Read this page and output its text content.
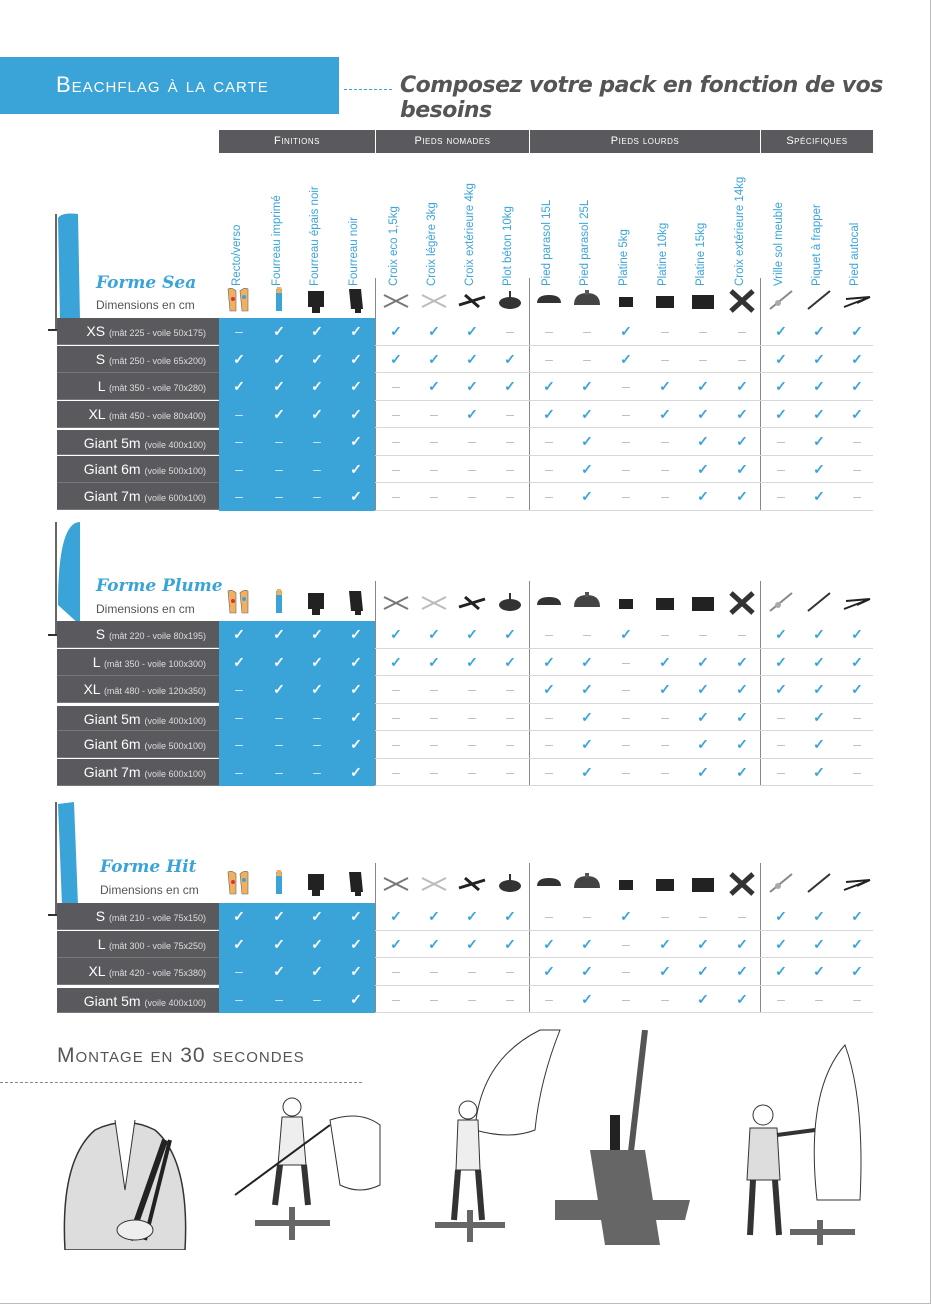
Beachflag à la carte	Composez votre pack en fonction de vos besoins
Finitions	Pieds nomades	Pieds lourds	Spécifiques
Montage en 30 secondes
Recto/verso	Fourreau imprimé	Fourreau épais noir	Fourreau noir	Croix eco 1,5kg	Croix légère 3kg	Croix extérieure 4kg	Plot béton 10kg	Pied parasol 15L	Pied parasol 25L	Platine 5kg	Platine 10kg	Platine 15kg	Croix extérieure 14kg	Vrille sol meuble	Piquet à frapper	Pied autocal
Forme Sea
Dimensions en cm
XS (mât 225 - voile 50x175)	–	✓	✓	✓	✓	✓	✓	–	–	–	✓	–	–	–	✓	✓	✓
S (mât 250 - voile 65x200)	✓	✓	✓	✓	✓	✓	✓	✓	–	–	✓	–	–	–	✓	✓	✓
L (mât 350 - voile 70x280)	✓	✓	✓	✓	–	✓	✓	✓	✓	✓	–	✓	✓	✓	✓	✓	✓
XL (mât 450 - voile 80x400)	–	✓	✓	✓	–	–	✓	–	✓	✓	–	✓	✓	✓	✓	✓	✓
Giant 5m (voile 400x100)	–	–	–	✓	–	–	–	–	–	✓	–	–	✓	✓	–	✓	–
Giant 6m (voile 500x100)	–	–	–	✓	–	–	–	–	–	✓	–	–	✓	✓	–	✓	–
Giant 7m (voile 600x100)	–	–	–	✓	–	–	–	–	–	✓	–	–	✓	✓	–	✓	–
Forme Plume
Dimensions en cm
S (mât 220 - voile 80x195)	✓	✓	✓	✓	✓	✓	✓	✓	–	–	✓	–	–	–	✓	✓	✓
L (mât 350 - voile 100x300)	✓	✓	✓	✓	✓	✓	✓	✓	✓	✓	–	✓	✓	✓	✓	✓	✓
XL (mât 480 - voile 120x350)	–	✓	✓	✓	–	–	–	–	✓	✓	–	✓	✓	✓	✓	✓	✓
Giant 5m (voile 400x100)	–	–	–	✓	–	–	–	–	–	✓	–	–	✓	✓	–	✓	–
Giant 6m (voile 500x100)	–	–	–	✓	–	–	–	–	–	✓	–	–	✓	✓	–	✓	–
Giant 7m (voile 600x100)	–	–	–	✓	–	–	–	–	–	✓	–	–	✓	✓	–	✓	–
Forme Hit
Dimensions en cm
S (mât 210 - voile 75x150)	✓	✓	✓	✓	✓	✓	✓	✓	–	–	✓	–	–	–	✓	✓	✓
L (mât 300 - voile 75x250)	✓	✓	✓	✓	✓	✓	✓	✓	✓	✓	–	✓	✓	✓	✓	✓	✓
XL (mât 420 - voile 75x380)	–	✓	✓	✓	–	–	–	–	✓	✓	–	✓	✓	✓	✓	✓	✓
Giant 5m (voile 400x100)	–	–	–	✓	–	–	–	–	–	✓	–	–	✓	✓	–	–	–
